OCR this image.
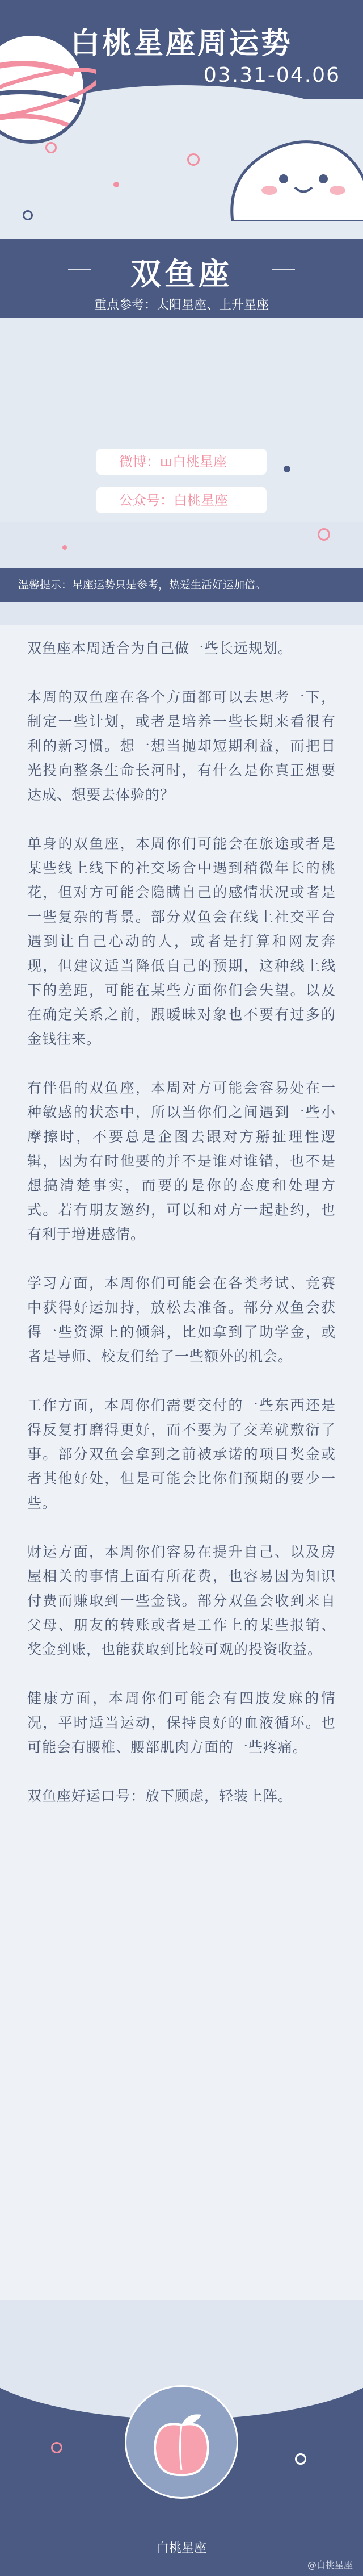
白桃星座周运势
03.31-04.06
双鱼座
重点参考：太阳星座、上升星座
微博：ш白桃星座
公众号：白桃星座
温馨提示：星座运势只是参考，热爱生活好运加倍。

双鱼座本周适合为自己做一些长远规划。

本周的双鱼座在各个方面都可以去思考一下，制定一些计划，或者是培养一些长期来看很有利的新习惯。想一想当抛却短期利益，而把目光投向整条生命长河时，有什么是你真正想要达成、想要去体验的？

单身的双鱼座，本周你们可能会在旅途或者是某些线上线下的社交场合中遇到稍微年长的桃花，但对方可能会隐瞒自己的感情状况或者是一些复杂的背景。部分双鱼会在线上社交平台遇到让自己心动的人，或者是打算和网友奔现，但建议适当降低自己的预期，这种线上线下的差距，可能在某些方面你们会失望。以及在确定关系之前，跟暧昧对象也不要有过多的金钱往来。

有伴侣的双鱼座，本周对方可能会容易处在一种敏感的状态中，所以当你们之间遇到一些小摩擦时，不要总是企图去跟对方掰扯理性逻辑，因为有时他要的并不是谁对谁错，也不是想搞清楚事实，而要的是你的态度和处理方式。若有朋友邀约，可以和对方一起赴约，也有利于增进感情。

学习方面，本周你们可能会在各类考试、竞赛中获得好运加持，放松去准备。部分双鱼会获得一些资源上的倾斜，比如拿到了助学金，或者是导师、校友们给了一些额外的机会。

工作方面，本周你们需要交付的一些东西还是得反复打磨得更好，而不要为了交差就敷衍了事。部分双鱼会拿到之前被承诺的项目奖金或者其他好处，但是可能会比你们预期的要少一些。

财运方面，本周你们容易在提升自己、以及房屋相关的事情上面有所花费，也容易因为知识付费而赚取到一些金钱。部分双鱼会收到来自父母、朋友的转账或者是工作上的某些报销、奖金到账，也能获取到比较可观的投资收益。

健康方面，本周你们可能会有四肢发麻的情况，平时适当运动，保持良好的血液循环。也可能会有腰椎、腰部肌肉方面的一些疼痛。

双鱼座好运口号：放下顾虑，轻装上阵。

白桃星座
@白桃星座
